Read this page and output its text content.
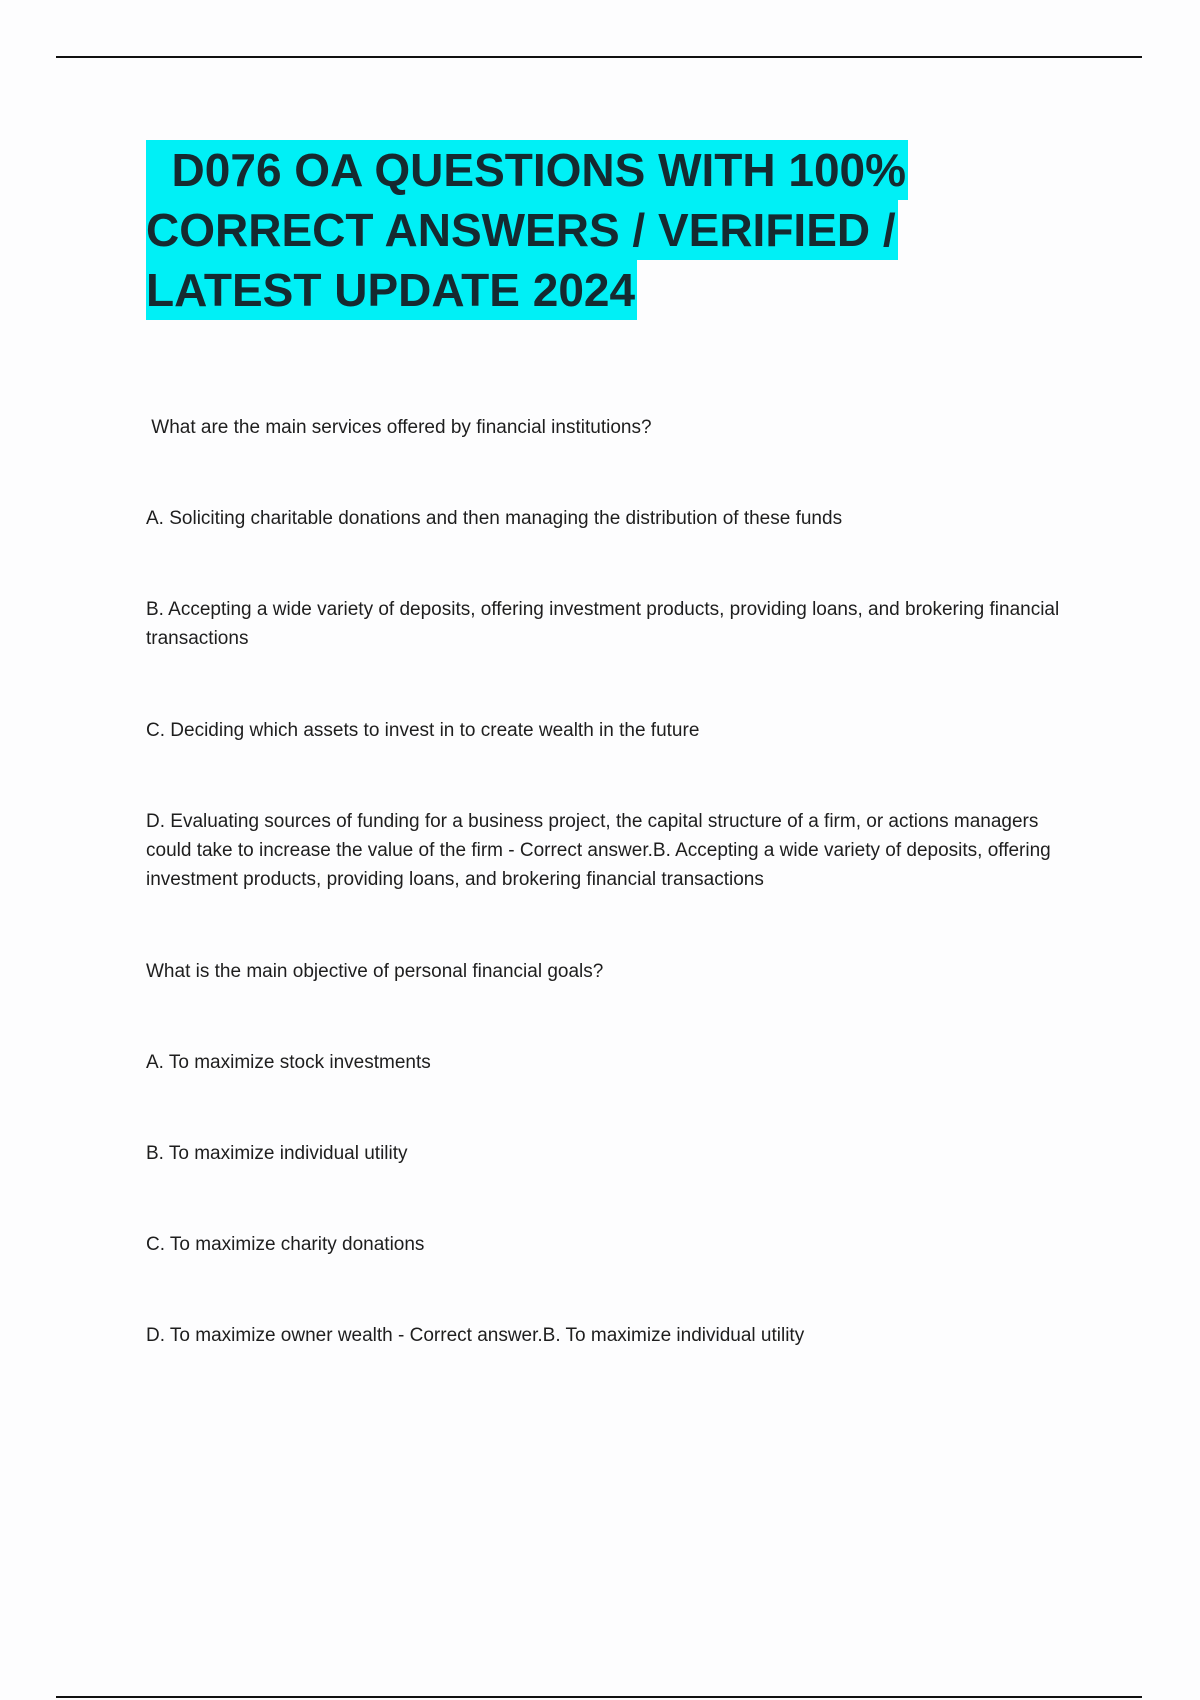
D076 OA QUESTIONS WITH 100%
CORRECT ANSWERS / VERIFIED /
LATEST UPDATE 2024
What are the main services offered by financial institutions?
A. Soliciting charitable donations and then managing the distribution of these funds
B. Accepting a wide variety of deposits, offering investment products, providing loans, and brokering financial transactions
C. Deciding which assets to invest in to create wealth in the future
D. Evaluating sources of funding for a business project, the capital structure of a firm, or actions managers could take to increase the value of the firm - Correct answer.B. Accepting a wide variety of deposits, offering investment products, providing loans, and brokering financial transactions
What is the main objective of personal financial goals?
A. To maximize stock investments
B. To maximize individual utility
C. To maximize charity donations
D. To maximize owner wealth - Correct answer.B. To maximize individual utility
